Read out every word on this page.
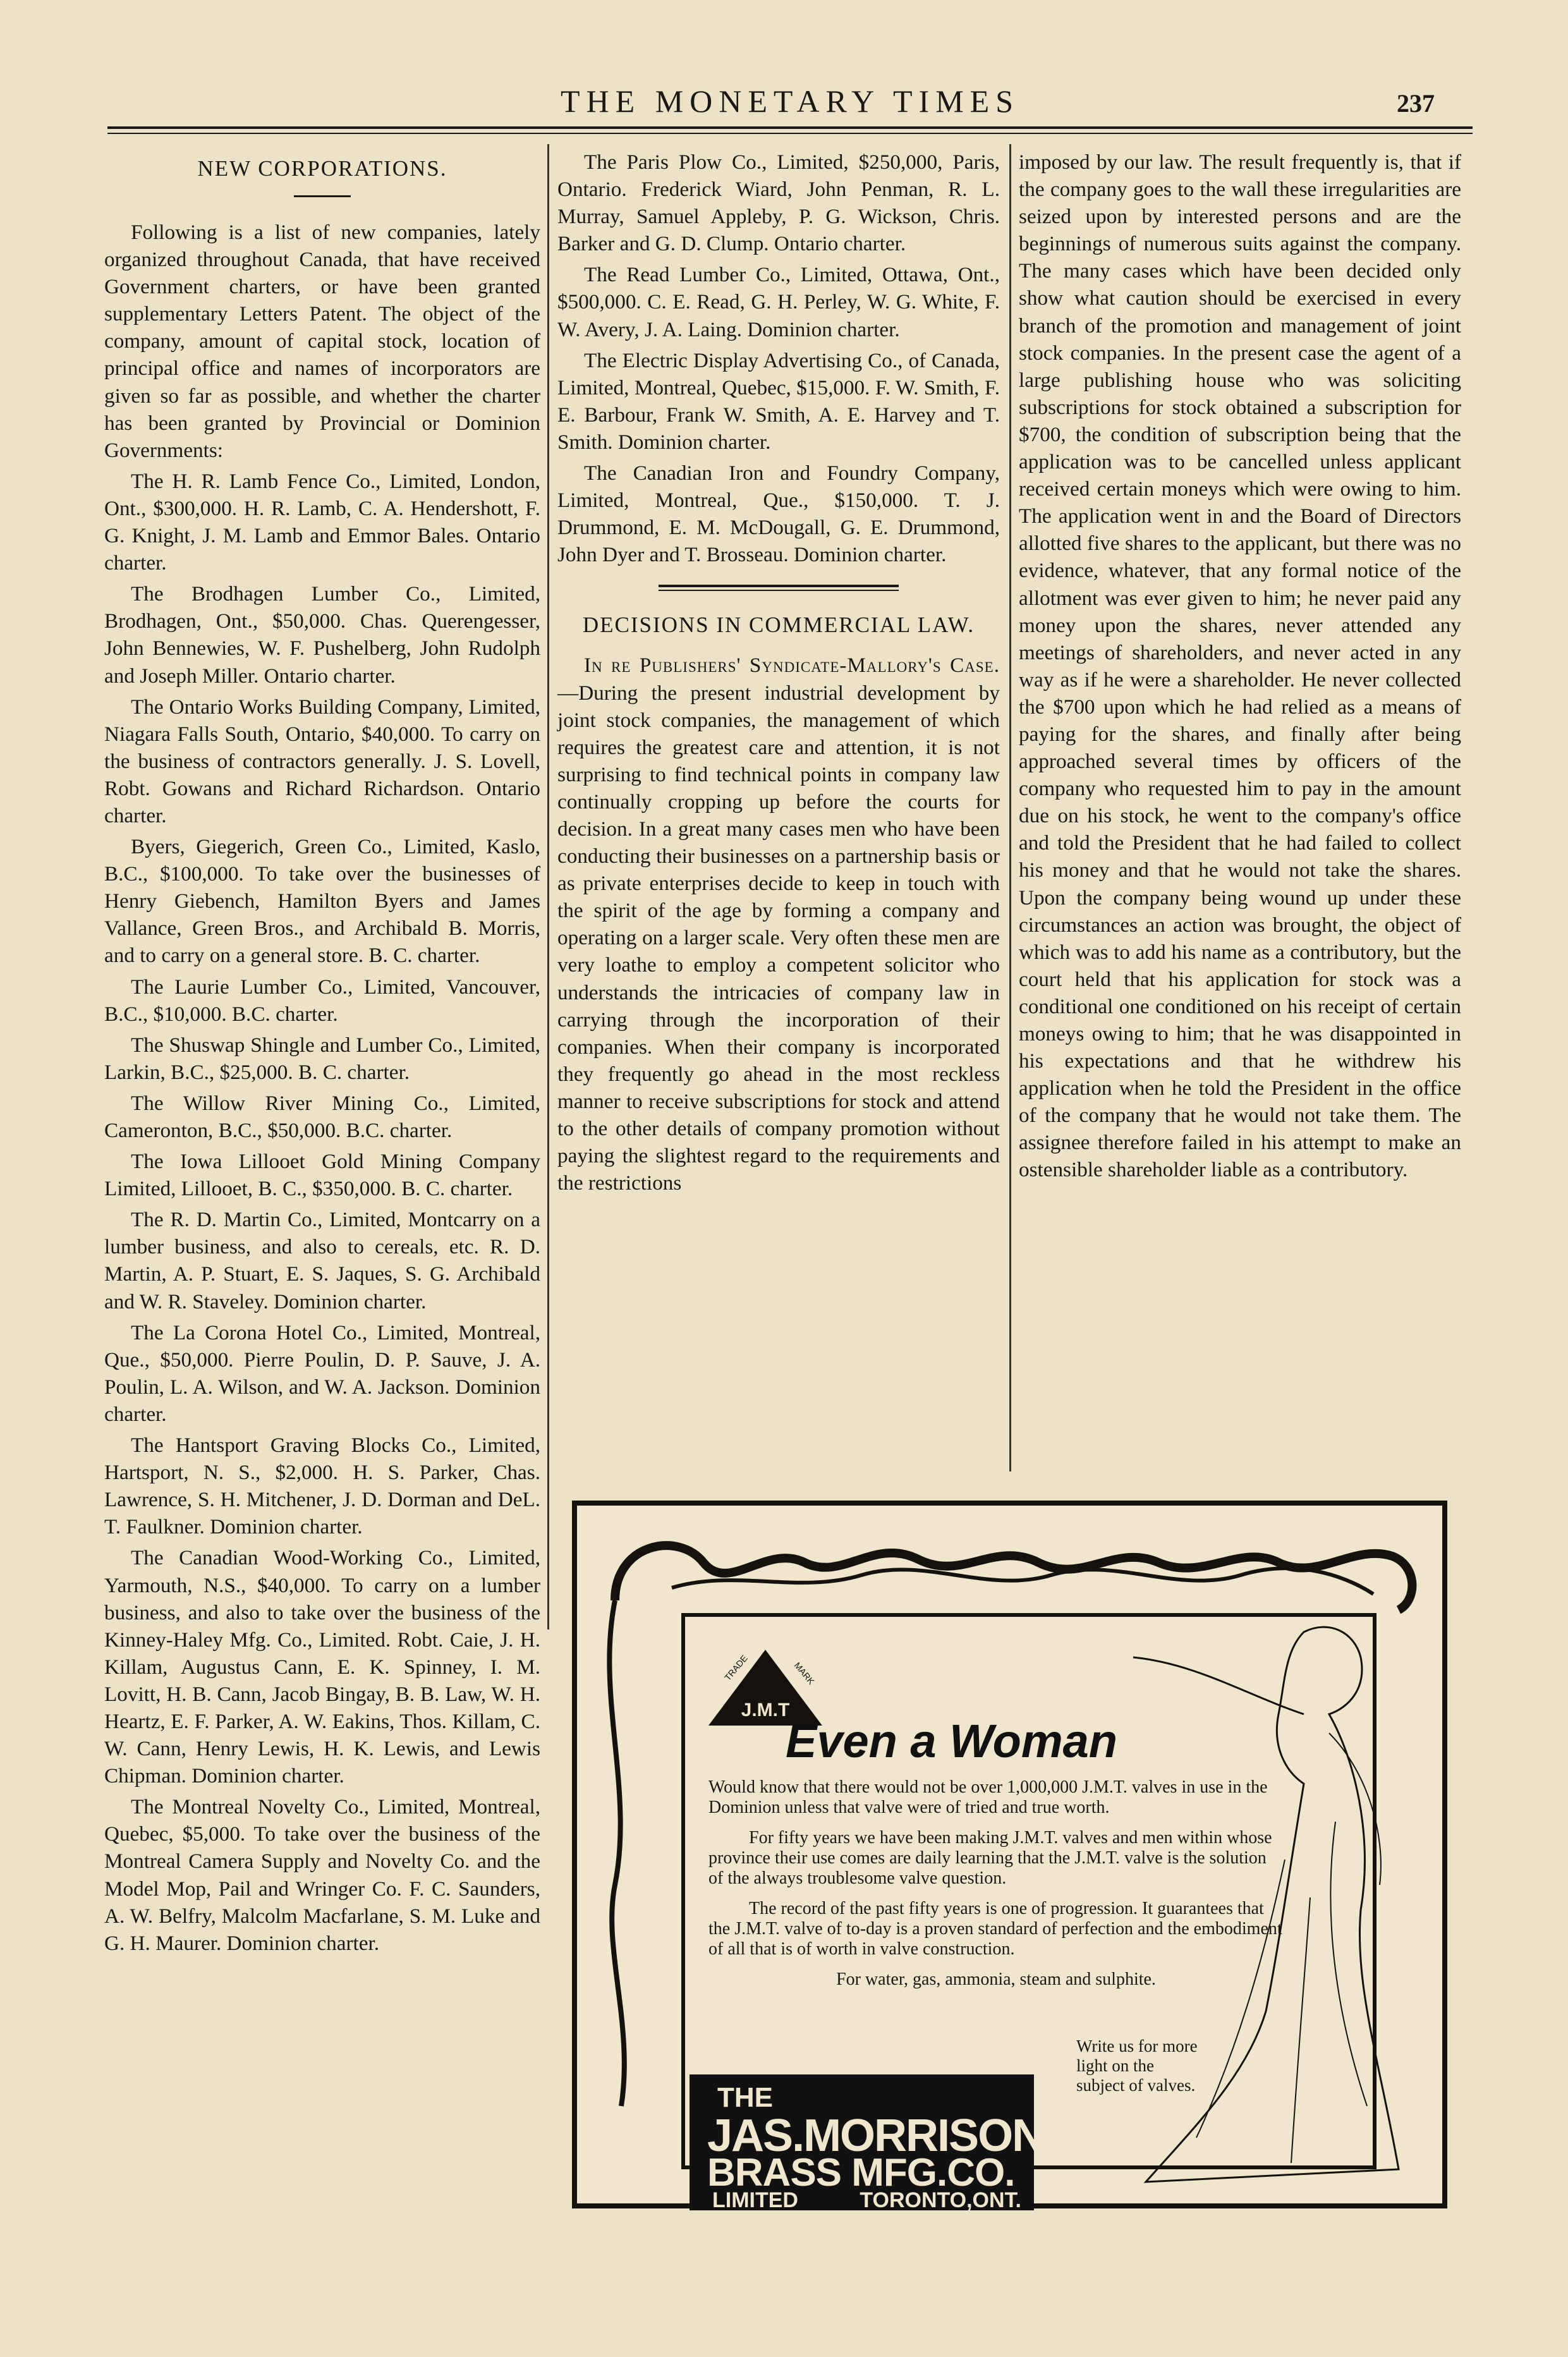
THE MONETARY TIMES	237
NEW CORPORATIONS.

Following is a list of new companies, lately organized throughout Canada, that have received Government charters, or have been granted supplementary Letters Patent. The object of the company, amount of capital stock, location of principal office and names of incorporators are given so far as possible, and whether the charter has been granted by Provincial or Dominion Governments:

The H. R. Lamb Fence Co., Limited, London, Ont., $300,000. H. R. Lamb, C. A. Hendershott, F. G. Knight, J. M. Lamb and Emmor Bales. Ontario charter.

The Brodhagen Lumber Co., Limited, Brodhagen, Ont., $50,000. Chas. Querengesser, John Bennewies, W. F. Pushelberg, John Rudolph and Joseph Miller. Ontario charter.

The Ontario Works Building Company, Limited, Niagara Falls South, Ontario, $40,000. To carry on the business of contractors generally. J. S. Lovell, Robt. Gowans and Richard Richardson. Ontario charter.

Byers, Giegerich, Green Co., Limited, Kaslo, B.C., $100,000. To take over the businesses of Henry Giebench, Hamilton Byers and James Vallance, Green Bros., and Archibald B. Morris, and to carry on a general store. B. C. charter.

The Laurie Lumber Co., Limited, Vancouver, B.C., $10,000. B.C. charter.

The Shuswap Shingle and Lumber Co., Limited, Larkin, B.C., $25,000. B. C. charter.

The Willow River Mining Co., Limited, Cameronton, B.C., $50,000. B.C. charter.

The Iowa Lillooet Gold Mining Company Limited, Lillooet, B. C., $350,000. B. C. charter.

The R. D. Martin Co., Limited, Montcarry on a lumber business, and also to cereals, etc. R. D. Martin, A. P. Stuart, E. S. Jaques, S. G. Archibald and W. R. Staveley. Dominion charter.

The La Corona Hotel Co., Limited, Montreal, Que., $50,000. Pierre Poulin, D. P. Sauve, J. A. Poulin, L. A. Wilson, and W. A. Jackson. Dominion charter.

The Hantsport Graving Blocks Co., Limited, Hartsport, N. S., $2,000. H. S. Parker, Chas. Lawrence, S. H. Mitchener, J. D. Dorman and DeL. T. Faulkner. Dominion charter.

The Canadian Wood-Working Co., Limited, Yarmouth, N.S., $40,000. To carry on a lumber business, and also to take over the business of the Kinney-Haley Mfg. Co., Limited. Robt. Caie, J. H. Killam, Augustus Cann, E. K. Spinney, I. M. Lovitt, H. B. Cann, Jacob Bingay, B. B. Law, W. H. Heartz, E. F. Parker, A. W. Eakins, Thos. Killam, C. W. Cann, Henry Lewis, H. K. Lewis, and Lewis Chipman. Dominion charter.

The Montreal Novelty Co., Limited, Montreal, Quebec, $5,000. To take over the business of the Montreal Camera Supply and Novelty Co. and the Model Mop, Pail and Wringer Co. F. C. Saunders, A. W. Belfry, Malcolm Macfarlane, S. M. Luke and G. H. Maurer. Dominion charter.

The Paris Plow Co., Limited, $250,000, Paris, Ontario. Frederick Wiard, John Penman, R. L. Murray, Samuel Appleby, P. G. Wickson, Chris. Barker and G. D. Clump. Ontario charter.

The Read Lumber Co., Limited, Ottawa, Ont., $500,000. C. E. Read, G. H. Perley, W. G. White, F. W. Avery, J. A. Laing. Dominion charter.

The Electric Display Advertising Co., of Canada, Limited, Montreal, Quebec, $15,000. F. W. Smith, F. E. Barbour, Frank W. Smith, A. E. Harvey and T. Smith. Dominion charter.

The Canadian Iron and Foundry Company, Limited, Montreal, Que., $150,000. T. J. Drummond, E. M. McDougall, G. E. Drummond, John Dyer and T. Brosseau. Dominion charter.

DECISIONS IN COMMERCIAL LAW.

In re Publishers' Syndicate-Mallory's Case.—During the present industrial development by joint stock companies, the management of which requires the greatest care and attention, it is not surprising to find technical points in company law continually cropping up before the courts for decision. In a great many cases men who have been conducting their businesses on a partnership basis or as private enterprises decide to keep in touch with the spirit of the age by forming a company and operating on a larger scale. Very often these men are very loathe to employ a competent solicitor who understands the intricacies of company law in carrying through the incorporation of their companies. When their company is incorporated they frequently go ahead in the most reckless manner to receive subscriptions for stock and attend to the other details of company promotion without paying the slightest regard to the requirements and the restrictions

imposed by our law. The result frequently is, that if the company goes to the wall these irregularities are seized upon by interested persons and are the beginnings of numerous suits against the company. The many cases which have been decided only show what caution should be exercised in every branch of the promotion and management of joint stock companies. In the present case the agent of a large publishing house who was soliciting subscriptions for stock obtained a subscription for $700, the condition of subscription being that the application was to be cancelled unless applicant received certain moneys which were owing to him. The application went in and the Board of Directors allotted five shares to the applicant, but there was no evidence, whatever, that any formal notice of the allotment was ever given to him; he never paid any money upon the shares, never attended any meetings of shareholders, and never acted in any way as if he were a shareholder. He never collected the $700 upon which he had relied as a means of paying for the shares, and finally after being approached several times by officers of the company who requested him to pay in the amount due on his stock, he went to the company's office and told the President that he had failed to collect his money and that he would not take the shares. Upon the company being wound up under these circumstances an action was brought, the object of which was to add his name as a contributory, but the court held that his application for stock was a conditional one conditioned on his receipt of certain moneys owing to him; that he was disappointed in his expectations and that he withdrew his application when he told the President in the office of the company that he would not take them. The assignee therefore failed in his attempt to make an ostensible shareholder liable as a contributory.

J.M.T
TRADE	MARK
Even a Woman

Would know that there would not be over 1,000,000 J.M.T. valves in use in the Dominion unless that valve were of tried and true worth.

For fifty years we have been making J.M.T. valves and men within whose province their use comes are daily learning that the J.M.T. valve is the solution of the always troublesome valve question.

The record of the past fifty years is one of progression. It guarantees that the J.M.T. valve of to-day is a proven standard of perfection and the embodiment of all that is of worth in valve construction.

For water, gas, ammonia, steam and sulphite.

Write us for more light on the subject of valves.
THE
JAS.MORRISON
BRASS MFG.CO.
LIMITED	TORONTO,ONT.
